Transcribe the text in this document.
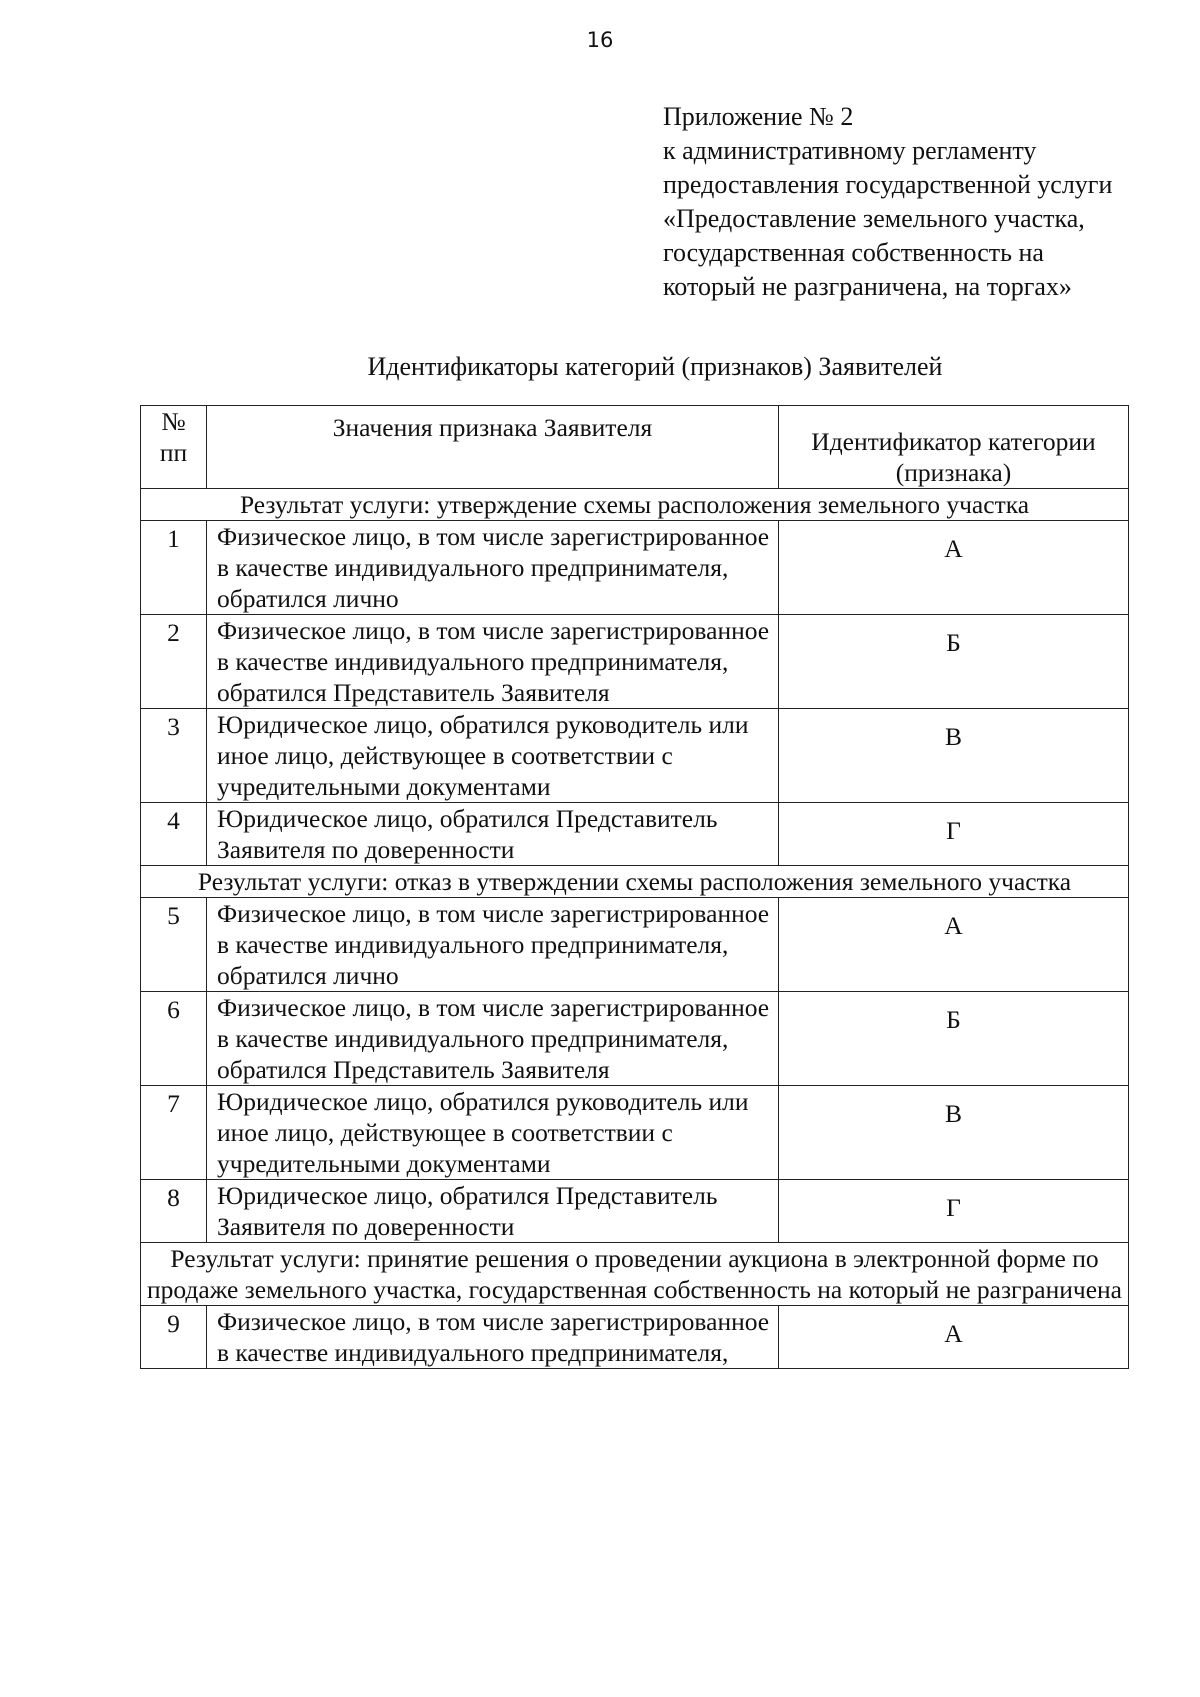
16
Приложение № 2
к административному регламенту
предоставления государственной услуги
«Предоставление земельного участка,
государственная собственность на
который не разграничена, на торгах»
Идентификаторы категорий (признаков) Заявителей
№
пп	Значения признака Заявителя	Идентификатор категории (признака)
Результат услуги: утверждение схемы расположения земельного участка		
1	Физическое лицо, в том числе зарегистрированное в качестве индивидуального предпринимателя, обратился лично	А
2	Физическое лицо, в том числе зарегистрированное в качестве индивидуального предпринимателя, обратился Представитель Заявителя	Б
3	Юридическое лицо, обратился руководитель или иное лицо, действующее в соответствии с учредительными документами	В
4	Юридическое лицо, обратился Представитель Заявителя по доверенности	Г
Результат услуги: отказ в утверждении схемы расположения земельного участка		
5	Физическое лицо, в том числе зарегистрированное в качестве индивидуального предпринимателя, обратился лично	А
6	Физическое лицо, в том числе зарегистрированное в качестве индивидуального предпринимателя, обратился Представитель Заявителя	Б
7	Юридическое лицо, обратился руководитель или иное лицо, действующее в соответствии с учредительными документами	В
8	Юридическое лицо, обратился Представитель Заявителя по доверенности	Г
Результат услуги: принятие решения о проведении аукциона в электронной форме по продаже земельного участка, государственная собственность на который не разграничена		
9	Физическое лицо, в том числе зарегистрированное в качестве индивидуального предпринимателя,	А
